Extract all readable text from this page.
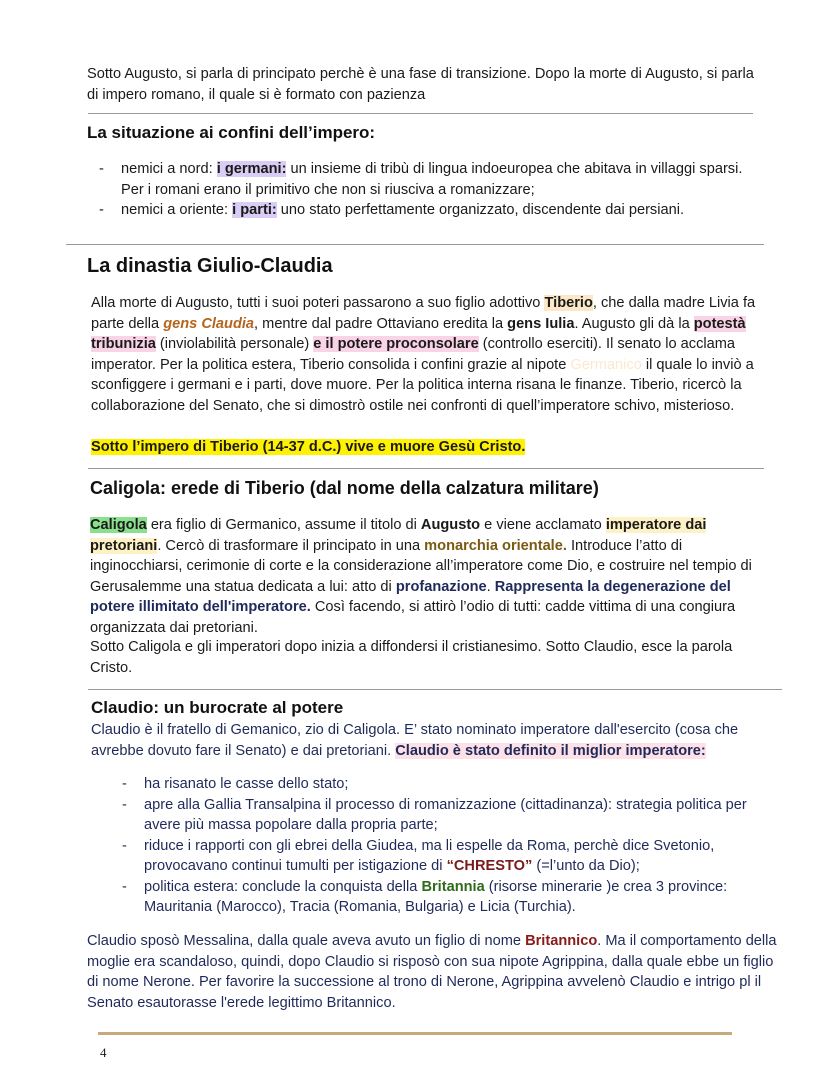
Sotto Augusto, si parla di principato perchè è una fase di transizione. Dopo la morte di Augusto, si parla di impero romano, il quale si è formato con pazienza

La situazione ai confini dell’impero:
- nemici a nord: i germani: un insieme di tribù di lingua indoeuropea che abitava in villaggi sparsi. Per i romani erano il primitivo che non si riusciva a romanizzare;
- nemici a oriente: i parti: uno stato perfettamente organizzato, discendente dai persiani.
La dinastia Giulio-Claudia

Alla morte di Augusto, tutti i suoi poteri passarono a suo figlio adottivo Tiberio, che dalla madre Livia fa parte della gens Claudia, mentre dal padre Ottaviano eredita la gens Iulia. Augusto gli dà la potestà tribunizia (inviolabilità personale) e il potere proconsolare (controllo eserciti). Il senato lo acclama imperator. Per la politica estera, Tiberio consolida i confini grazie al nipote Germanico il quale lo inviò a sconfiggere i germani e i parti, dove muore. Per la politica interna risana le finanze. Tiberio, ricercò la collaborazione del Senato, che si dimostrò ostile nei confronti di quell’imperatore schivo, misterioso.

Sotto l’impero di Tiberio (14-37 d.C.) vive e muore Gesù Cristo.

Caligola: erede di Tiberio (dal nome della calzatura militare)

Caligola era figlio di Germanico, assume il titolo di Augusto e viene acclamato imperatore dai pretoriani. Cercò di trasformare il principato in una monarchia orientale. Introduce l’atto di inginocchiarsi, cerimonie di corte e la considerazione all’imperatore come Dio, e costruire nel tempio di Gerusalemme una statua dedicata a lui: atto di profanazione. Rappresenta la degenerazione del potere illimitato dell'imperatore. Così facendo, si attirò l’odio di tutti: cadde vittima di una congiura organizzata dai pretoriani.

Sotto Caligola e gli imperatori dopo inizia a diffondersi il cristianesimo. Sotto Claudio, esce la parola Cristo.

Claudio: un burocrate al potere

Claudio è il fratello di Gemanico, zio di Caligola. E’ stato nominato imperatore dall'esercito (cosa che avrebbe dovuto fare il Senato) e dai pretoriani. Claudio è stato definito il miglior imperatore:

- ha risanato le casse dello stato;
- apre alla Gallia Transalpina il processo di romanizzazione (cittadinanza): strategia politica per avere più massa popolare dalla propria parte;
- riduce i rapporti con gli ebrei della Giudea, ma li espelle da Roma, perchè dice Svetonio, provocavano continui tumulti per istigazione di “CHRESTO” (=l’unto da Dio);
- politica estera: conclude la conquista della Britannia (risorse minerarie )e crea 3 province: Mauritania (Marocco), Tracia (Romania, Bulgaria) e Licia (Turchia).

Claudio sposò Messalina, dalla quale aveva avuto un figlio di nome Britannico. Ma il comportamento della moglie era scandaloso, quindi, dopo Claudio si risposò con sua nipote Agrippina, dalla quale ebbe un figlio di nome Nerone. Per favorire la successione al trono di Nerone, Agrippina avvelenò Claudio e intrigo pl il Senato esautorasse l'erede legittimo Britannico.

4
